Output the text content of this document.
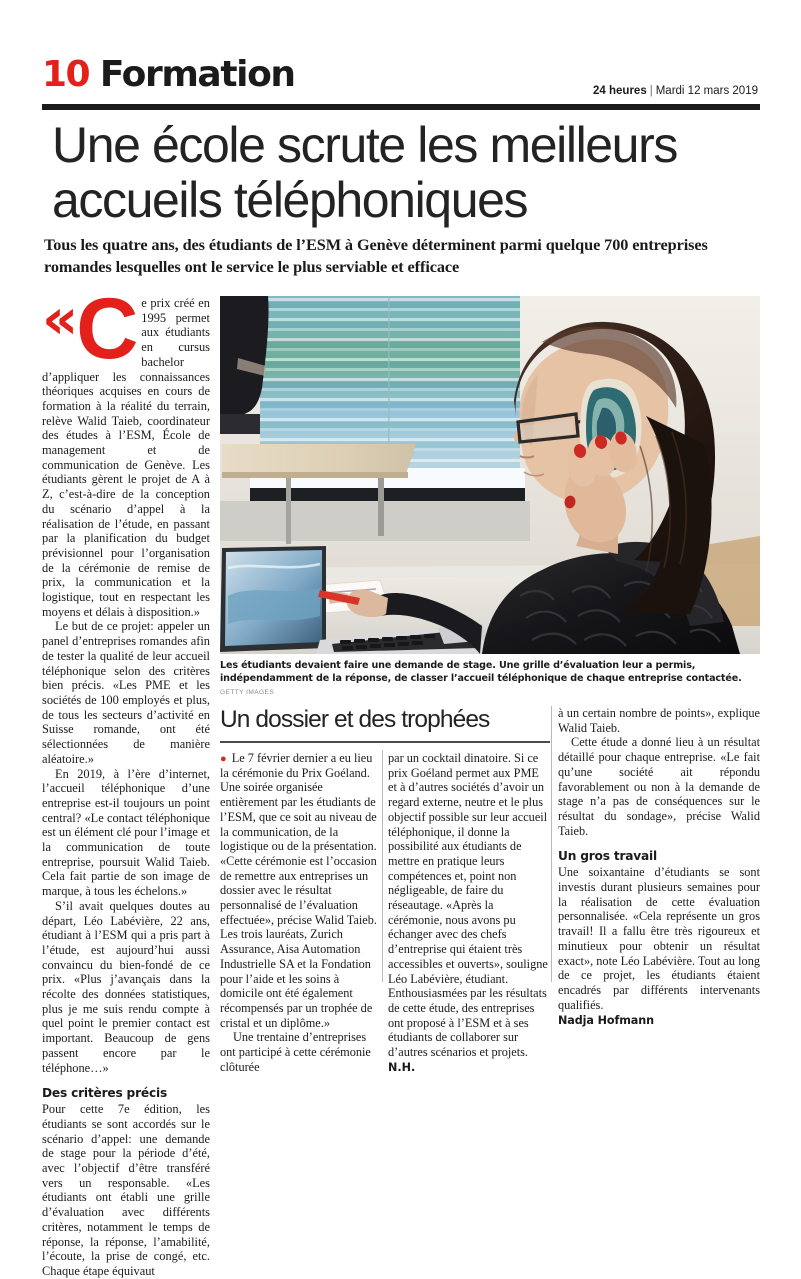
10 Formation	24 heures | Mardi 12 mars 2019
Une école scrute les meilleurs
accueils téléphoniques
Tous les quatre ans, des étudiants de l’ESM à Genève déterminent parmi quelque 700 entreprises romandes lesquelles ont le service le plus serviable et efficace
« C e prix créé en 1995 permet aux étudiants en cursus bachelor d’appliquer les connaissances théoriques acquises en cours de formation à la réalité du terrain, relève Walid Taieb, coordinateur des études à l’ESM, École de management et de communication de Genève. Les étudiants gèrent le projet de A à Z, c’est-à-dire de la conception du scénario d’appel à la réalisation de l’étude, en passant par la planification du budget prévisionnel pour l’organisation de la cérémonie de remise de prix, la communication et la logistique, tout en respectant les moyens et délais à disposition.»

Le but de ce projet: appeler un panel d’entreprises romandes afin de tester la qualité de leur accueil téléphonique selon des critères bien précis. «Les PME et les sociétés de 100 employés et plus, de tous les secteurs d’activité en Suisse romande, ont été sélectionnées de manière aléatoire.»

En 2019, à l’ère d’internet, l’accueil téléphonique d’une entreprise est-il toujours un point central? «Le contact téléphonique est un élément clé pour l’image et la communication de toute entreprise, poursuit Walid Taieb. Cela fait partie de son image de marque, à tous les échelons.»

S’il avait quelques doutes au départ, Léo Labévière, 22 ans, étudiant à l’ESM qui a pris part à l’étude, est aujourd’hui aussi convaincu du bien-fondé de ce prix. «Plus j’avançais dans la récolte des données statistiques, plus je me suis rendu compte à quel point le premier contact est important. Beaucoup de gens passent encore par le téléphone…»

Des critères précis

Pour cette 7e édition, les étudiants se sont accordés sur le scénario d’appel: une demande de stage pour la période d’été, avec l’objectif d’être transféré vers un responsable. «Les étudiants ont établi une grille d’évaluation avec différents critères, notamment le temps de réponse, la réponse, l’amabilité, l’écoute, la prise de congé, etc. Chaque étape équivaut

Les étudiants devaient faire une demande de stage. Une grille d’évaluation leur a permis, indépendamment de la réponse, de classer l’accueil téléphonique de chaque entreprise contactée. GETTY IMAGES
Un dossier et des trophées

● Le 7 février dernier a eu lieu la cérémonie du Prix Goéland. Une soirée organisée entièrement par les étudiants de l’ESM, que ce soit au niveau de la communication, de la logistique ou de la présentation. «Cette cérémonie est l’occasion de remettre aux entreprises un dossier avec le résultat personnalisé de l’évaluation effectuée», précise Walid Taieb. Les trois lauréats, Zurich Assurance, Aisa Automation Industrielle SA et la Fondation pour l’aide et les soins à domicile ont été également récompensés par un trophée de cristal et un diplôme.»

Une trentaine d’entreprises ont participé à cette cérémonie clôturée

par un cocktail dinatoire. Si ce prix Goéland permet aux PME et à d’autres sociétés d’avoir un regard externe, neutre et le plus objectif possible sur leur accueil téléphonique, il donne la possibilité aux étudiants de mettre en pratique leurs compétences et, point non négligeable, de faire du réseautage. «Après la cérémonie, nous avons pu échanger avec des chefs d’entreprise qui étaient très accessibles et ouverts», souligne Léo Labévière, étudiant. Enthousiasmées par les résultats de cette étude, des entreprises ont proposé à l’ESM et à ses étudiants de collaborer sur d’autres scénarios et projets. N.H.

à un certain nombre de points», explique Walid Taieb.

Cette étude a donné lieu à un résultat détaillé pour chaque entreprise. «Le fait qu’une société ait répondu favorablement ou non à la demande de stage n’a pas de conséquences sur le résultat du sondage», précise Walid Taieb.

Un gros travail

Une soixantaine d’étudiants se sont investis durant plusieurs semaines pour la réalisation de cette évaluation personnalisée. «Cela représente un gros travail! Il a fallu être très rigoureux et minutieux pour obtenir un résultat exact», note Léo Labévière. Tout au long de ce projet, les étudiants étaient encadrés par différents intervenants qualifiés.

Nadja Hofmann
